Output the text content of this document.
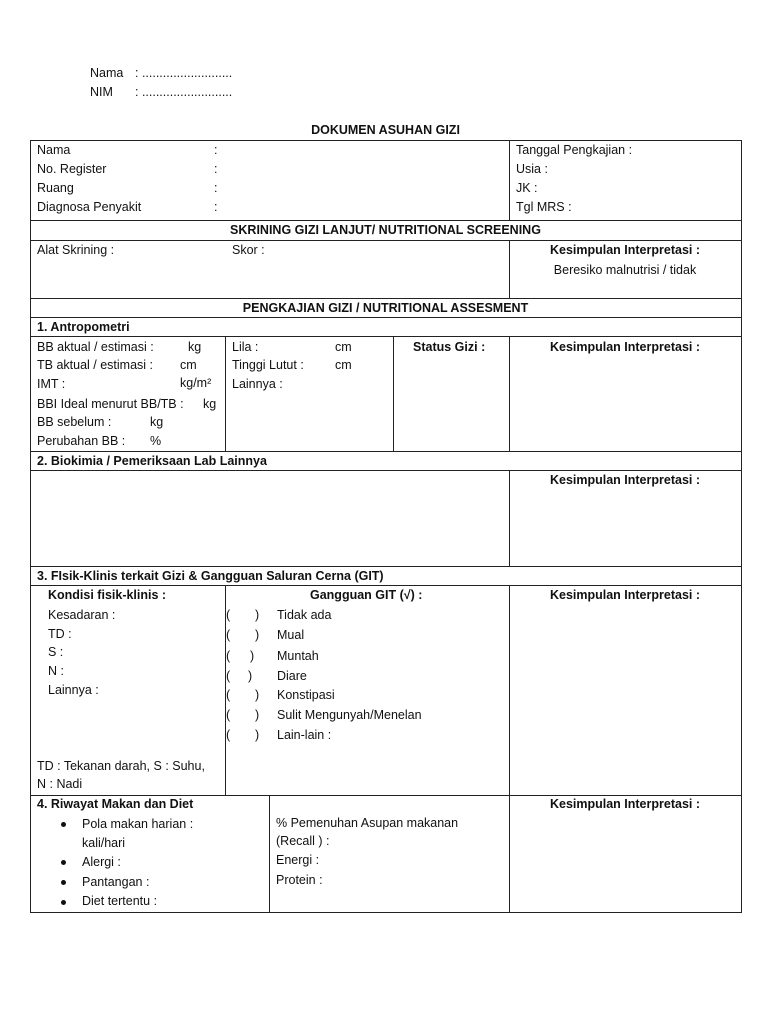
Nama : ..........................
NIM : ..........................
DOKUMEN ASUHAN GIZI
Nama	:
No. Register	:
Ruang	:
Diagnosa Penyakit	:
Tanggal Pengkajian :
Usia :
JK :
Tgl MRS :
SKRINING GIZI LANJUT/ NUTRITIONAL SCREENING
Alat Skrining :	Skor :	Kesimpulan Interpretasi :
Beresiko malnutrisi / tidak
PENGKAJIAN GIZI / NUTRITIONAL ASSESMENT
1. Antropometri
BB aktual / estimasi :	kg
TB aktual / estimasi : cm
IMT :	kg/m²
BBI Ideal menurut BB/TB : kg
BB sebelum :	kg
Perubahan BB : %
Lila :	cm
Tinggi Lutut : cm
Lainnya :
Status Gizi :	Kesimpulan Interpretasi :
2. Biokimia / Pemeriksaan Lab Lainnya
Kesimpulan Interpretasi :
3. FIsik-Klinis terkait Gizi & Gangguan Saluran Cerna (GIT)
Kondisi fisik-klinis :
Kesadaran :
TD :
S :
N :
Lainnya :
TD : Tekanan darah, S : Suhu,
N : Nadi
Gangguan GIT (√) :
( ) Tidak ada
( ) Mual
( ) Muntah
( ) Diare
( ) Konstipasi
( ) Sulit Mengunyah/Menelan
( ) Lain-lain :
Kesimpulan Interpretasi :
4. Riwayat Makan dan Diet
Pola makan harian :
kali/hari
Alergi :
Pantangan :
Diet tertentu :
% Pemenuhan Asupan makanan
(Recall ) :
Energi :
Protein :
Kesimpulan Interpretasi :
